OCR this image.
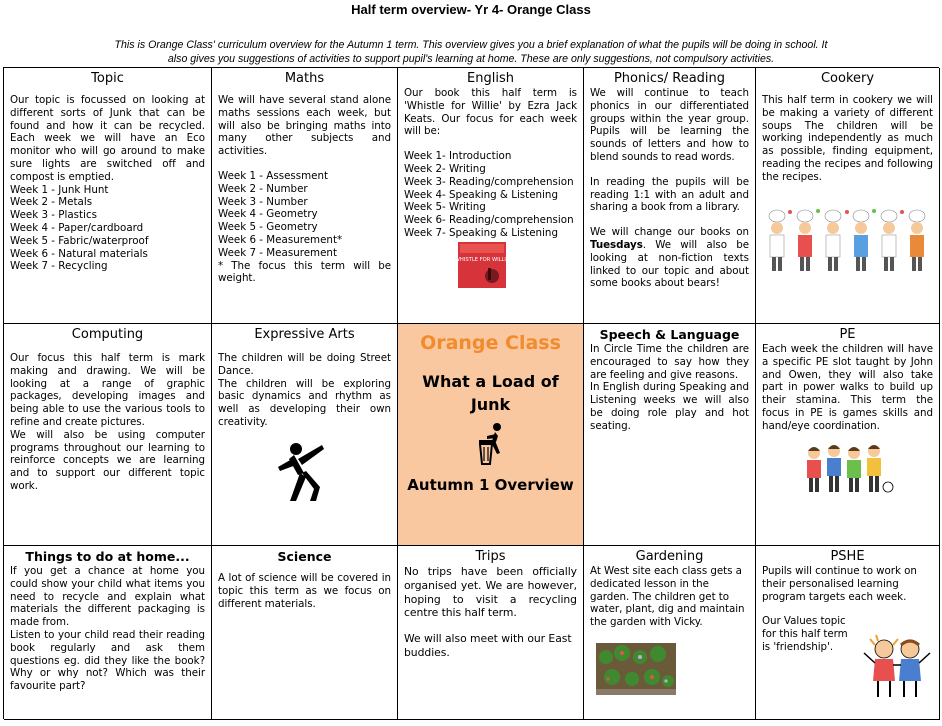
Half term overview- Yr 4- Orange Class
This is Orange Class' curriculum overview for the Autumn 1 term. This overview gives you a brief explanation of what the pupils will be doing in school. It
also gives you suggestions of activities to support pupil's learning at home. These are only suggestions, not compulsory activities.
Topic
Our topic is focussed on looking at different sorts of Junk that can be found and how it can be recycled. Each week we will have an Eco monitor who will go around to make sure lights are switched off and compost is emptied.
Week 1 - Junk Hunt
Week 2 - Metals
Week 3 - Plastics
Week 4 - Paper/cardboard
Week 5 - Fabric/waterproof
Week 6 - Natural materials
Week 7 - Recycling
Maths
We will have several stand alone maths sessions each week, but will also be bringing maths into many other subjects and activities.
Week 1 - Assessment
Week 2 - Number
Week 3 - Number
Week 4 - Geometry
Week 5 - Geometry
Week 6 - Measurement*
Week 7 - Measurement
* The focus this term will be weight.
English
Our book this half term is 'Whistle for Willie' by Ezra Jack Keats. Our focus for each week will be:
Week 1- Introduction
Week 2- Writing
Week 3- Reading/comprehension
Week 4- Speaking & Listening
Week 5- Writing
Week 6- Reading/comprehension
Week 7- Speaking & Listening
WHISTLE FOR WILLIE
Phonics/ Reading
We will continue to teach phonics in our differentiated groups within the year group. Pupils will be learning the sounds of letters and how to blend sounds to read words.
In reading the pupils will be reading 1:1 with an adult and sharing a book from a library.
We will change our books on Tuesdays. We will also be looking at non-fiction texts linked to our topic and about some books about bears!
Cookery
This half term in cookery we will be making a variety of different soups The children will be working independently as much as possible, finding equipment, reading the recipes and following the recipes.
Computing
Our focus this half term is mark making and drawing. We will be looking at a range of graphic packages, developing images and being able to use the various tools to refine and create pictures.
We will also be using computer programs throughout our learning to reinforce concepts we are learning and to support our different topic work.
Expressive Arts
The children will be doing Street Dance.
The children will be exploring basic dynamics and rhythm as well as developing their own creativity.
Orange Class
What a Load of Junk
Autumn 1 Overview
Speech & Language
In Circle Time the children are encouraged to say how they are feeling and give reasons.
In English during Speaking and Listening weeks we will also be doing role play and hot seating.
PE
Each week the children will have a specific PE slot taught by John and Owen, they will also take part in power walks to build up their stamina. This term the focus in PE is games skills and hand/eye coordination.
Things to do at home...
If you get a chance at home you could show your child what items you need to recycle and explain what materials the different packaging is made from.
Listen to your child read their reading book regularly and ask them questions eg. did they like the book? Why or why not? Which was their favourite part?
Science
A lot of science will be covered in topic this term as we focus on different materials.
Trips
No trips have been officially organised yet. We are however, hoping to visit a recycling centre this half term.
We will also meet with our East buddies.
Gardening
At West site each class gets a dedicated lesson in the garden. The children get to water, plant, dig and maintain the garden with Vicky.
PSHE
Pupils will continue to work on their personalised learning program targets each week.
Our Values topic for this half term is 'friendship'.
